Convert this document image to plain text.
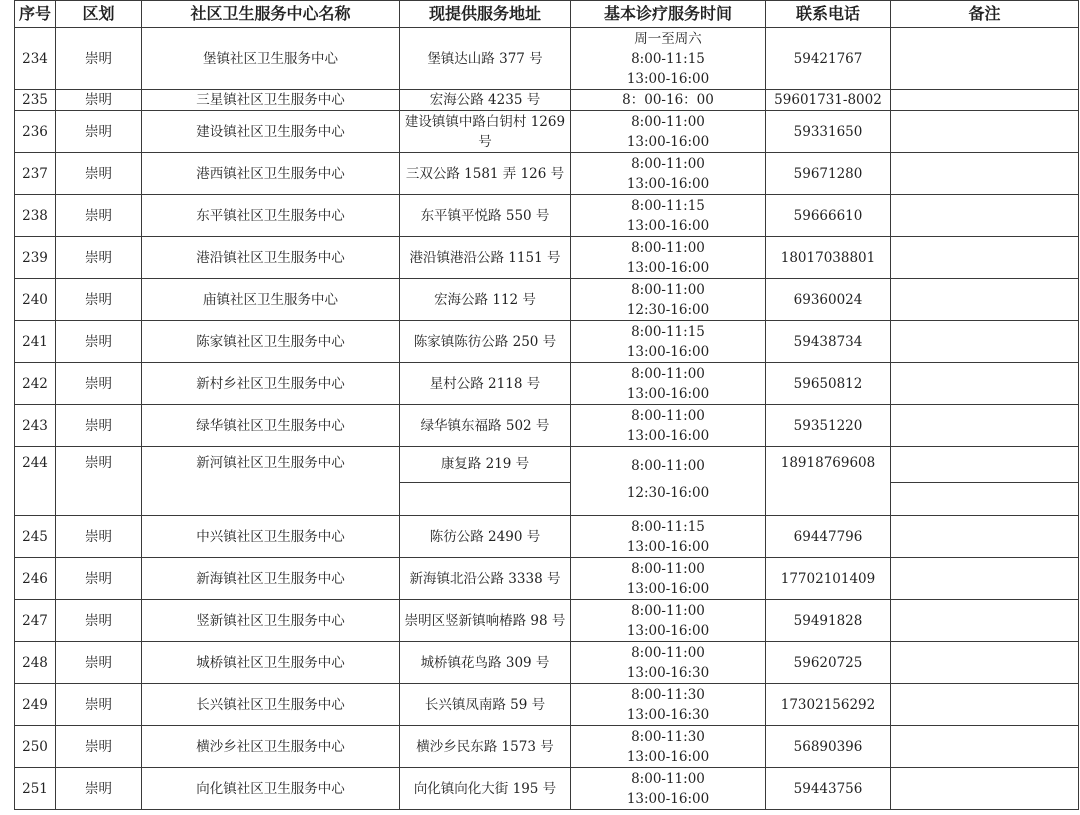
序号	区划	社区卫生服务中心名称	现提供服务地址	基本诊疗服务时间	联系电话	备注
234	崇明	堡镇社区卫生服务中心	堡镇达山路 377 号	周一至周六
8:00-11:15
13:00-16:00	59421767	
235	崇明	三星镇社区卫生服务中心	宏海公路 4235 号	8：00-16：00	59601731-8002	
236	崇明	建设镇社区卫生服务中心	建设镇镇中路白钥村 1269 号	8:00-11:00
13:00-16:00	59331650	
237	崇明	港西镇社区卫生服务中心	三双公路 1581 弄 126 号	8:00-11:00
13:00-16:00	59671280	
238	崇明	东平镇社区卫生服务中心	东平镇平悦路 550 号	8:00-11:15
13:00-16:00	59666610	
239	崇明	港沿镇社区卫生服务中心	港沿镇港沿公路 1151 号	8:00-11:00
13:00-16:00	18017038801	
240	崇明	庙镇社区卫生服务中心	宏海公路 112 号	8:00-11:00
12:30-16:00	69360024	
241	崇明	陈家镇社区卫生服务中心	陈家镇陈彷公路 250 号	8:00-11:15
13:00-16:00	59438734	
242	崇明	新村乡社区卫生服务中心	星村公路 2118 号	8:00-11:00
13:00-16:00	59650812	
243	崇明	绿华镇社区卫生服务中心	绿华镇东福路 502 号	8:00-11:00
13:00-16:00	59351220	
244	崇明	新河镇社区卫生服务中心	康复路 219 号	8:00-11:00
12:30-16:00	18918769608	

245	崇明	中兴镇社区卫生服务中心	陈彷公路 2490 号	8:00-11:15
13:00-16:00	69447796	
246	崇明	新海镇社区卫生服务中心	新海镇北沿公路 3338 号	8:00-11:00
13:00-16:00	17702101409	
247	崇明	竖新镇社区卫生服务中心	崇明区竖新镇响椿路 98 号	8:00-11:00
13:00-16:00	59491828	
248	崇明	城桥镇社区卫生服务中心	城桥镇花鸟路 309 号	8:00-11:00
13:00-16:30	59620725	
249	崇明	长兴镇社区卫生服务中心	长兴镇凤南路 59 号	8:00-11:30
13:00-16:30	17302156292	
250	崇明	横沙乡社区卫生服务中心	横沙乡民东路 1573 号	8:00-11:30
13:00-16:00	56890396	
251	崇明	向化镇社区卫生服务中心	向化镇向化大街 195 号	8:00-11:00
13:00-16:00	59443756	
